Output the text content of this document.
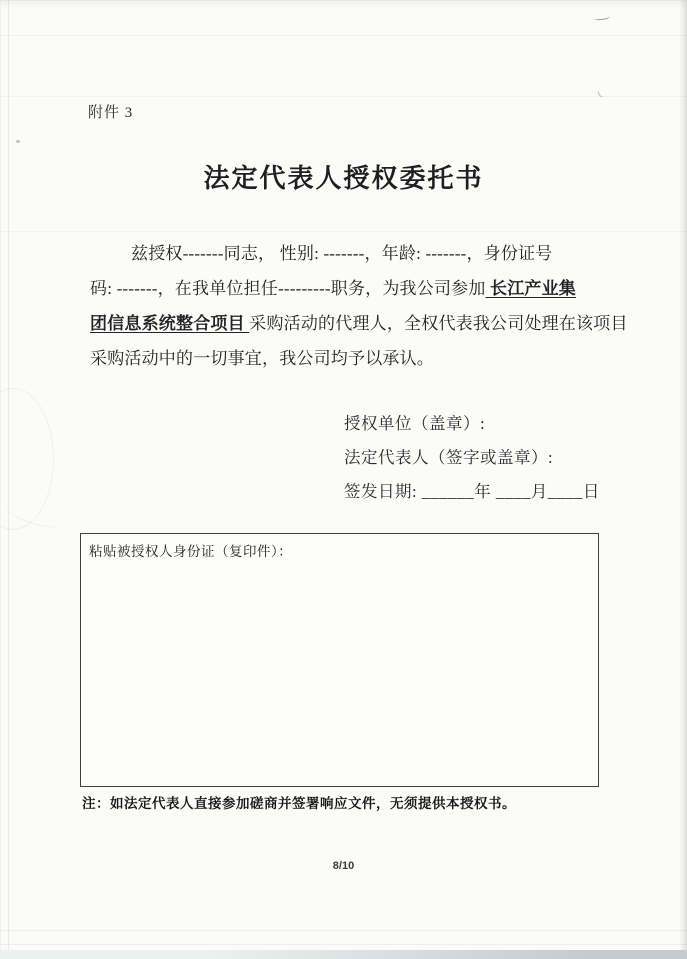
附件 3
法定代表人授权委托书
兹授权-------同志， 性别: -------，年龄: -------，身份证号
码: -------，在我单位担任---------职务，为我公司参加 长江产业集
团信息系统整合项目 采购活动的代理人，全权代表我公司处理在该项目
采购活动中的一切事宜，我公司均予以承认。
授权单位（盖章）:
法定代表人（签字或盖章）:
签发日期: ______年 ____月____日
粘贴被授权人身份证（复印件）：
注：如法定代表人直接参加磋商并签署响应文件，无须提供本授权书。
8/10
